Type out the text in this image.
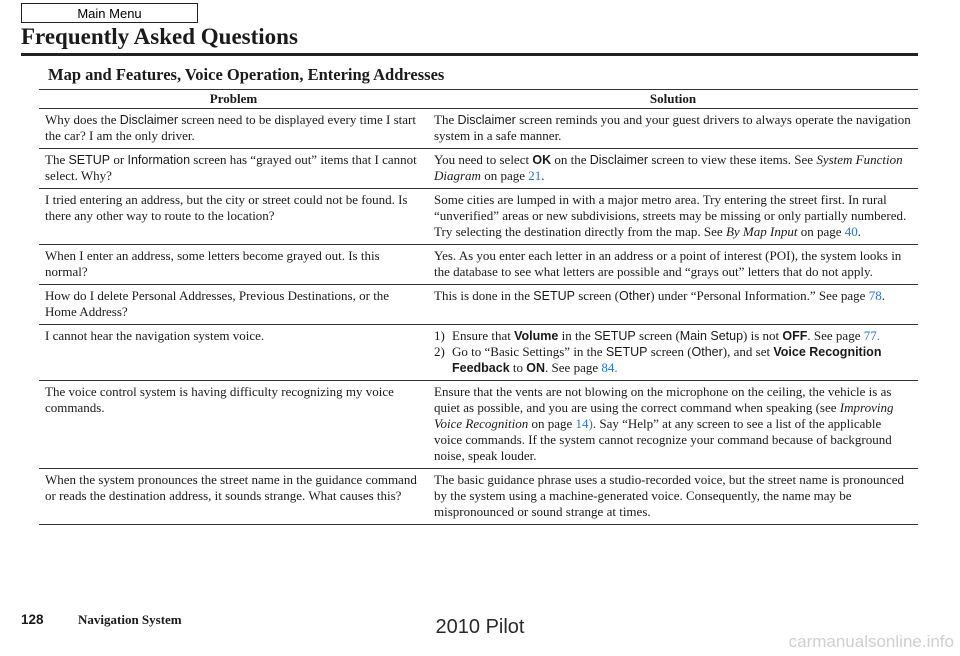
Main Menu
Frequently Asked Questions
Map and Features, Voice Operation, Entering Addresses
Problem	Solution

Why does the Disclaimer screen need to be displayed every time I start the car? I am the only driver.	The Disclaimer screen reminds you and your guest drivers to always operate the navigation system in a safe manner.

The SETUP or Information screen has “grayed out” items that I cannot select. Why?	You need to select OK on the Disclaimer screen to view these items. See System Function Diagram on page 21.

I tried entering an address, but the city or street could not be found. Is there any other way to route to the location?	Some cities are lumped in with a major metro area. Try entering the street first. In rural “unverified” areas or new subdivisions, streets may be missing or only partially numbered. Try selecting the destination directly from the map. See By Map Input on page 40.

When I enter an address, some letters become grayed out. Is this normal?	Yes. As you enter each letter in an address or a point of interest (POI), the system looks in the database to see what letters are possible and “grays out” letters that do not apply.

How do I delete Personal Addresses, Previous Destinations, or the Home Address?	This is done in the SETUP screen (Other) under “Personal Information.” See page 78.

I cannot hear the navigation system voice.	1) Ensure that Volume in the SETUP screen (Main Setup) is not OFF. See page 77.
2) Go to “Basic Settings” in the SETUP screen (Other), and set Voice Recognition Feedback to ON. See page 84.

The voice control system is having difficulty recognizing my voice commands.	Ensure that the vents are not blowing on the microphone on the ceiling, the vehicle is as quiet as possible, and you are using the correct command when speaking (see Improving Voice Recognition on page 14). Say “Help” at any screen to see a list of the applicable voice commands. If the system cannot recognize your command because of background noise, speak louder.

When the system pronounces the street name in the guidance command or reads the destination address, it sounds strange. What causes this?	The basic guidance phrase uses a studio-recorded voice, but the street name is pronounced by the system using a machine-generated voice. Consequently, the name may be mispronounced or sound strange at times.

128	Navigation System	2010 Pilot
carmanualsonline.info
